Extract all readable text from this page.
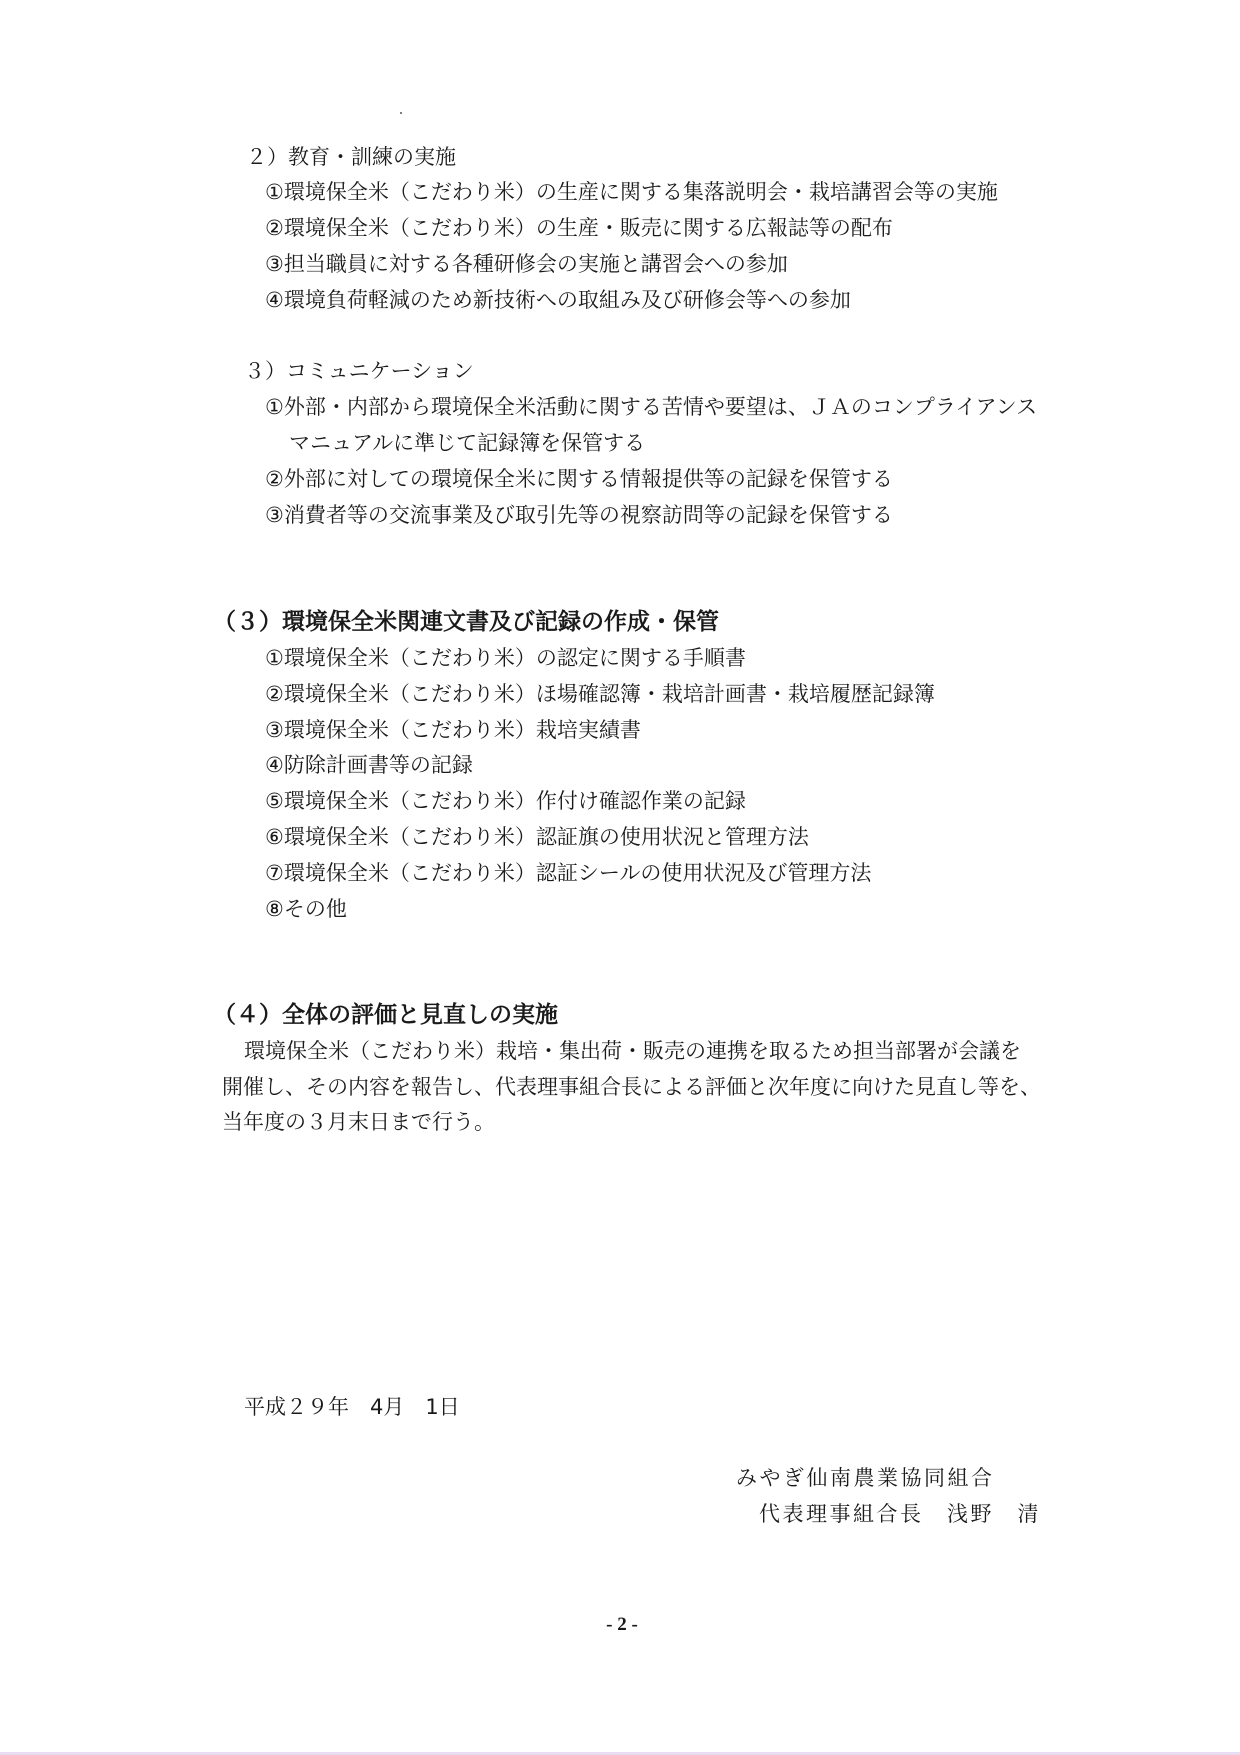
２）教育・訓練の実施
①環境保全米（こだわり米）の生産に関する集落説明会・栽培講習会等の実施
②環境保全米（こだわり米）の生産・販売に関する広報誌等の配布
③担当職員に対する各種研修会の実施と講習会への参加
④環境負荷軽減のため新技術への取組み及び研修会等への参加
３）コミュニケーション
①外部・内部から環境保全米活動に関する苦情や要望は、ＪＡのコンプライアンス
マニュアルに準じて記録簿を保管する
②外部に対しての環境保全米に関する情報提供等の記録を保管する
③消費者等の交流事業及び取引先等の視察訪問等の記録を保管する
（３）環境保全米関連文書及び記録の作成・保管
①環境保全米（こだわり米）の認定に関する手順書
②環境保全米（こだわり米）ほ場確認簿・栽培計画書・栽培履歴記録簿
③環境保全米（こだわり米）栽培実績書
④防除計画書等の記録
⑤環境保全米（こだわり米）作付け確認作業の記録
⑥環境保全米（こだわり米）認証旗の使用状況と管理方法
⑦環境保全米（こだわり米）認証シールの使用状況及び管理方法
⑧その他
（４）全体の評価と見直しの実施
環境保全米（こだわり米）栽培・集出荷・販売の連携を取るため担当部署が会議を
開催し、その内容を報告し、代表理事組合長による評価と次年度に向けた見直し等を、
当年度の３月末日まで行う。
平成２９年　4月　1日
みやぎ仙南農業協同組合
代表理事組合長　浅野　清
- 2 -
